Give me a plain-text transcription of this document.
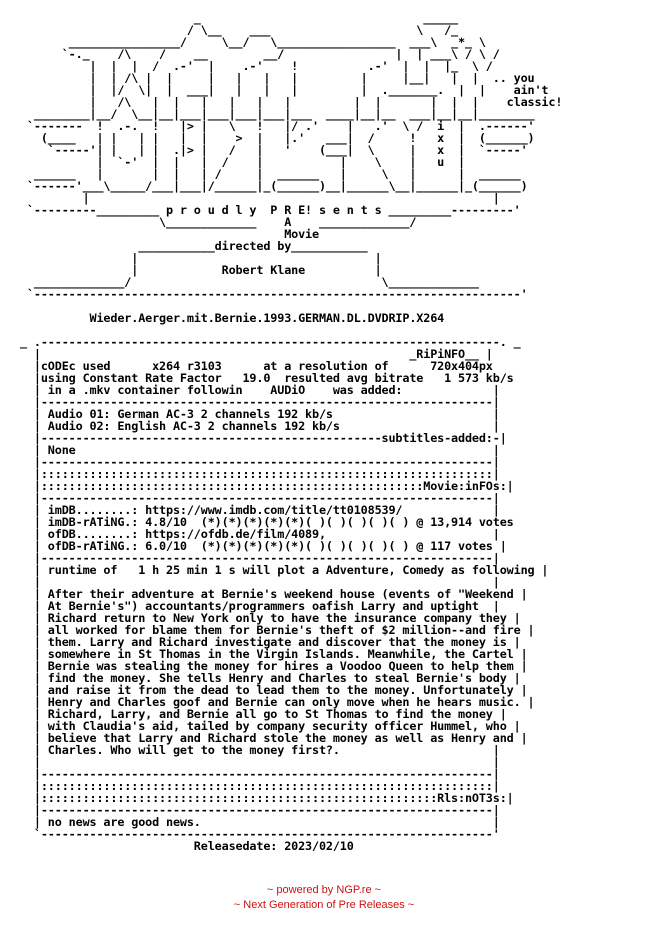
_                                _____
/ \__    ___                     \   /_
________________/     \__/   \_________________  ___\  _*_ \
`-._    /\    /    __        __/                |  | ___\ / \ /
|  |  |  /  .-'  |    .-'    !          .-'  |  |  |_  \ /
|  | /\ |  |     |   |   |   |         |     |__|   |  |  .. you
|  |/  \|  |  ___|   |   |   |         |  ._______.  |  |    ain't
|   /\   |  |   |   |   |   |         |  |       |  |  |    classic!
________|__/  \__|__|___|___|___|___|___  ____|__|__  ___|__|__|________
`-------  !  .-.  !   |> |   \   !   |/ .'    |   .'  \ /  i  |  .------'
(____   | |   | |   |  |    >  |   |.'   ___|  /     !   x  |  (______)
`-----'| |   | |  .|> |   /   |   '    (___|  \     |   x  |  `-----'
|  `-'  |  |   |  /    |           |    \    |   u  |
______   |       |  |   | /     |  ______   |     \   |      |  ______
`------'___\_____/___|___|/______|_(______)__|______\__|______|_(______)
|                                                          |
`---------_________ p r o u d l y  P R E! s e n t s _________---------'
\_____________    A    _____________/
Movie
___________directed by___________
|                                  |
|            Robert Klane          |
_____________/                                    \_____________
`----------------------------------------------------------------------'

Wieder.Aerger.mit.Bernie.1993.GERMAN.DL.DVDRIP.X264

_ .------------------------------------------------------------------. _
|                                                     _RiPiNFO__ |
|cODEc used      x264 r3103      at a resolution of      720x404px
|using Constant Rate Factor   19.0  resulted avg bitrate   1 573 kb/s
| in a .mkv container followin    AUDiO    was added:             |
|-----------------------------------------------------------------|
| Audio 01: German AC-3 2 channels 192 kb/s                       |
| Audio 02: English AC-3 2 channels 192 kb/s                      |
|-------------------------------------------------subtitles-added:-|
| None                                                            |
|-----------------------------------------------------------------|
|:::::::::::::::::::::::::::::::::::::::::::::::::::::::::::::::::|
|:::::::::::::::::::::::::::::::::::::::::::::::::::::::Movie:inFOs:|
|-----------------------------------------------------------------|
| imDB........: https://www.imdb.com/title/tt0108539/             |
| imDB-rATiNG.: 4.8/10  (*)(*)(*)(*)(*)( )( )( )( )( ) @ 13,914 votes
| ofDB........: https://ofdb.de/film/4089,                        |
| ofDB-rATiNG.: 6.0/10  (*)(*)(*)(*)(*)( )( )( )( )( ) @ 117 votes |
|-----------------------------------------------------------------|
| runtime of   1 h 25 min 1 s will plot a Adventure, Comedy as following |
|                                                                 |
| After their adventure at Bernie's weekend house (events of "Weekend |
| At Bernie's") accountants/programmers oafish Larry and uptight  |
| Richard return to New York only to have the insurance company they |
| all worked for blame them for Bernie's theft of $2 million--and fire |
| them. Larry and Richard investigate and discover that the money is |
| somewhere in St Thomas in the Virgin Islands. Meanwhile, the Cartel |
| Bernie was stealing the money for hires a Voodoo Queen to help them |
| find the money. She tells Henry and Charles to steal Bernie's body |
| and raise it from the dead to lead them to the money. Unfortunately |
| Henry and Charles goof and Bernie can only move when he hears music. |
| Richard, Larry, and Bernie all go to St Thomas to find the money |
| with Claudia's aid, tailed by company security officer Hummel, who |
| believe that Larry and Richard stole the money as well as Henry and |
| Charles. Who will get to the money first?.                      |
|                                                                 |
|-----------------------------------------------------------------|
|:::::::::::::::::::::::::::::::::::::::::::::::::::::::::::::::::|
|:::::::::::::::::::::::::::::::::::::::::::::::::::::::::Rls:nOT3s:|
|-----------------------------------------------------------------|
| no news are good news.                                          |
`-----------------------------------------------------------------'
Releasedate: 2023/02/10
~ powered by NGP.re ~
~ Next Generation of Pre Releases ~
